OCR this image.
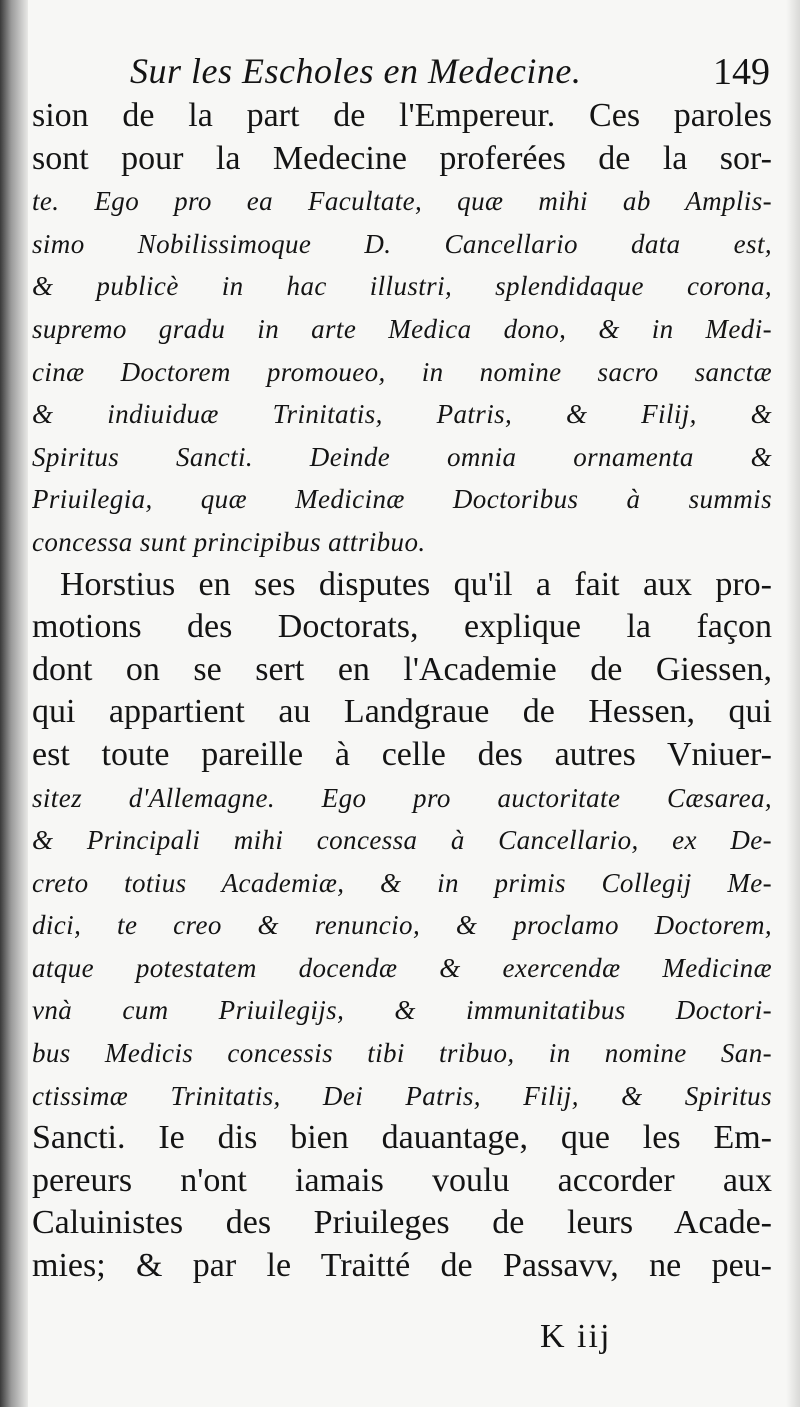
Sur les Escholes en Medecine.	149
sion de la part de l'Empereur. Ces paroles
sont pour la Medecine proferées de la sor-
te. Ego pro ea Facultate, quæ mihi ab Amplis-
simo Nobilissimoque D. Cancellario data est,
& publicè in hac illustri, splendidaque corona,
supremo gradu in arte Medica dono, & in Medi-
cinæ Doctorem promoueo, in nomine sacro sanctæ
& indiuiduæ Trinitatis, Patris, & Filij, &
Spiritus Sancti. Deinde omnia ornamenta &
Priuilegia, quæ Medicinæ Doctoribus à summis
concessa sunt principibus attribuo.
Horstius en ses disputes qu'il a fait aux pro-
motions des Doctorats, explique la façon
dont on se sert en l'Academie de Giessen,
qui appartient au Landgraue de Hessen, qui
est toute pareille à celle des autres Vniuer-
sitez d'Allemagne. Ego pro auctoritate Cæsarea,
& Principali mihi concessa à Cancellario, ex De-
creto totius Academiæ, & in primis Collegij Me-
dici, te creo & renuncio, & proclamo Doctorem,
atque potestatem docendæ & exercendæ Medicinæ
vnà cum Priuilegijs, & immunitatibus Doctori-
bus Medicis concessis tibi tribuo, in nomine San-
ctissimæ Trinitatis, Dei Patris, Filij, & Spiritus
Sancti. Ie dis bien dauantage, que les Em-
pereurs n'ont iamais voulu accorder aux
Caluinistes des Priuileges de leurs Acade-
mies; & par le Traitté de Passavv, ne peu-
K iij
